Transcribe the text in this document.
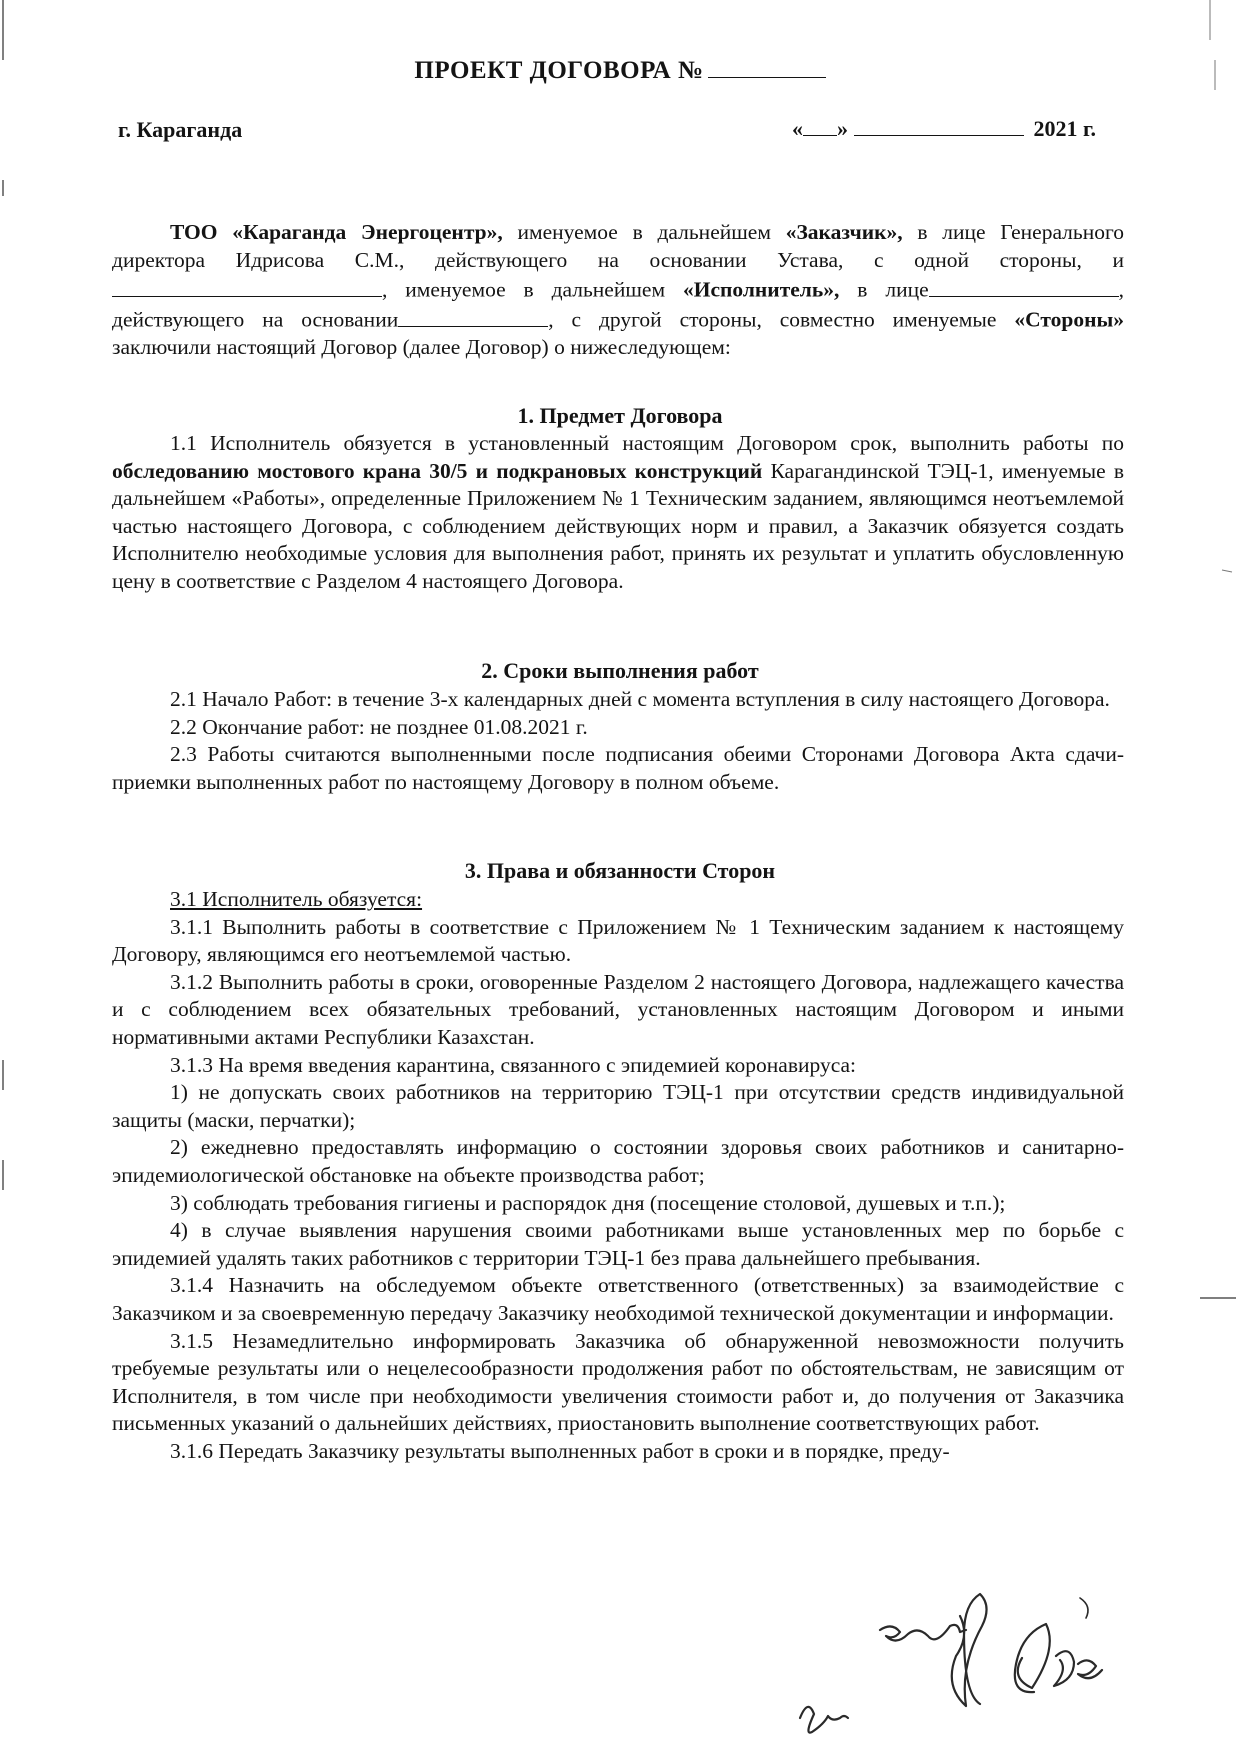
ПРОЕКТ ДОГОВОРА №
г. Караганда	« »	2021 г.

ТОО «Караганда Энергоцентр», именуемое в дальнейшем «Заказчик», в лице Генерального директора Идрисова С.М., действующего на основании Устава, с одной стороны, и, именуемое в дальнейшем «Исполнитель», в лице	, действующего на основании	, с другой стороны, совместно именуемые «Стороны» заключили настоящий Договор (далее Договор) о нижеследующем:

1. Предмет Договора

1.1 Исполнитель обязуется в установленный настоящим Договором срок, выполнить работы по обследованию мостового крана 30/5 и подкрановых конструкций Карагандинской ТЭЦ-1, именуемые в дальнейшем «Работы», определенные Приложением № 1 Техническим заданием, являющимся неотъемлемой частью настоящего Договора, с соблюдением действующих норм и правил, а Заказчик обязуется создать Исполнителю необходимые условия для выполнения работ, принять их результат и уплатить обусловленную цену в соответствие с Разделом 4 настоящего Договора.

2. Сроки выполнения работ

2.1 Начало Работ: в течение 3-х календарных дней с момента вступления в силу настоящего Договора.

2.2 Окончание работ: не позднее 01.08.2021 г.

2.3 Работы считаются выполненными после подписания обеими Сторонами Договора Акта сдачи-приемки выполненных работ по настоящему Договору в полном объеме.

3. Права и обязанности Сторон

3.1 Исполнитель обязуется:

3.1.1 Выполнить работы в соответствие с Приложением № 1 Техническим заданием к настоящему Договору, являющимся его неотъемлемой частью.

3.1.2 Выполнить работы в сроки, оговоренные Разделом 2 настоящего Договора, надлежащего качества и с соблюдением всех обязательных требований, установленных настоящим Договором и иными нормативными актами Республики Казахстан.

3.1.3 На время введения карантина, связанного с эпидемией коронавируса:

1) не допускать своих работников на территорию ТЭЦ-1 при отсутствии средств индивидуальной защиты (маски, перчатки);

2) ежедневно предоставлять информацию о состоянии здоровья своих работников и санитарно-эпидемиологической обстановке на объекте производства работ;

3) соблюдать требования гигиены и распорядок дня (посещение столовой, душевых и т.п.);

4) в случае выявления нарушения своими работниками выше установленных мер по борьбе с эпидемией удалять таких работников с территории ТЭЦ-1 без права дальнейшего пребывания.

3.1.4 Назначить на обследуемом объекте ответственного (ответственных) за взаимодействие с Заказчиком и за своевременную передачу Заказчику необходимой технической документации и информации.

3.1.5 Незамедлительно информировать Заказчика об обнаруженной невозможности получить требуемые результаты или о нецелесообразности продолжения работ по обстоятельствам, не зависящим от Исполнителя, в том числе при необходимости увеличения стоимости работ и, до получения от Заказчика письменных указаний о дальнейших действиях, приостановить выполнение соответствующих работ.

3.1.6 Передать Заказчику результаты выполненных работ в сроки и в порядке, преду-
